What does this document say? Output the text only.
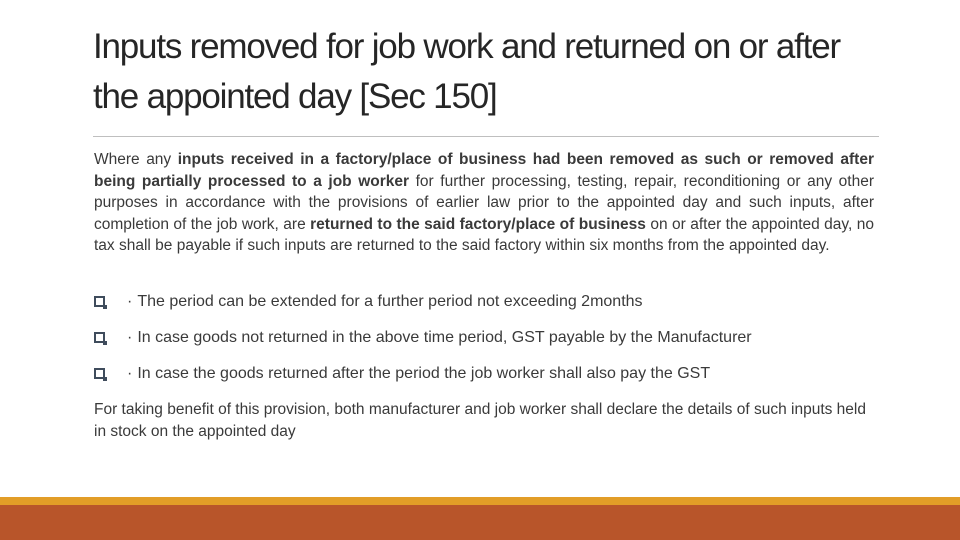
Inputs removed for job work and returned on or after the appointed day [Sec 150]

Where any inputs received in a factory/place of business had been removed as such or removed after being partially processed to a job worker for further processing, testing, repair, reconditioning or any other purposes in accordance with the provisions of earlier law prior to the appointed day and such inputs, after completion of the job work, are returned to the said factory/place of business on or after the appointed day, no tax shall be payable if such inputs are returned to the said factory within six months from the appointed day.

· The period can be extended for a further period not exceeding 2months
· In case goods not returned in the above time period, GST payable by the Manufacturer
· In case the goods returned after the period the job worker shall also pay the GST

For taking benefit of this provision, both manufacturer and job worker shall declare the details of such inputs held in stock on the appointed day
